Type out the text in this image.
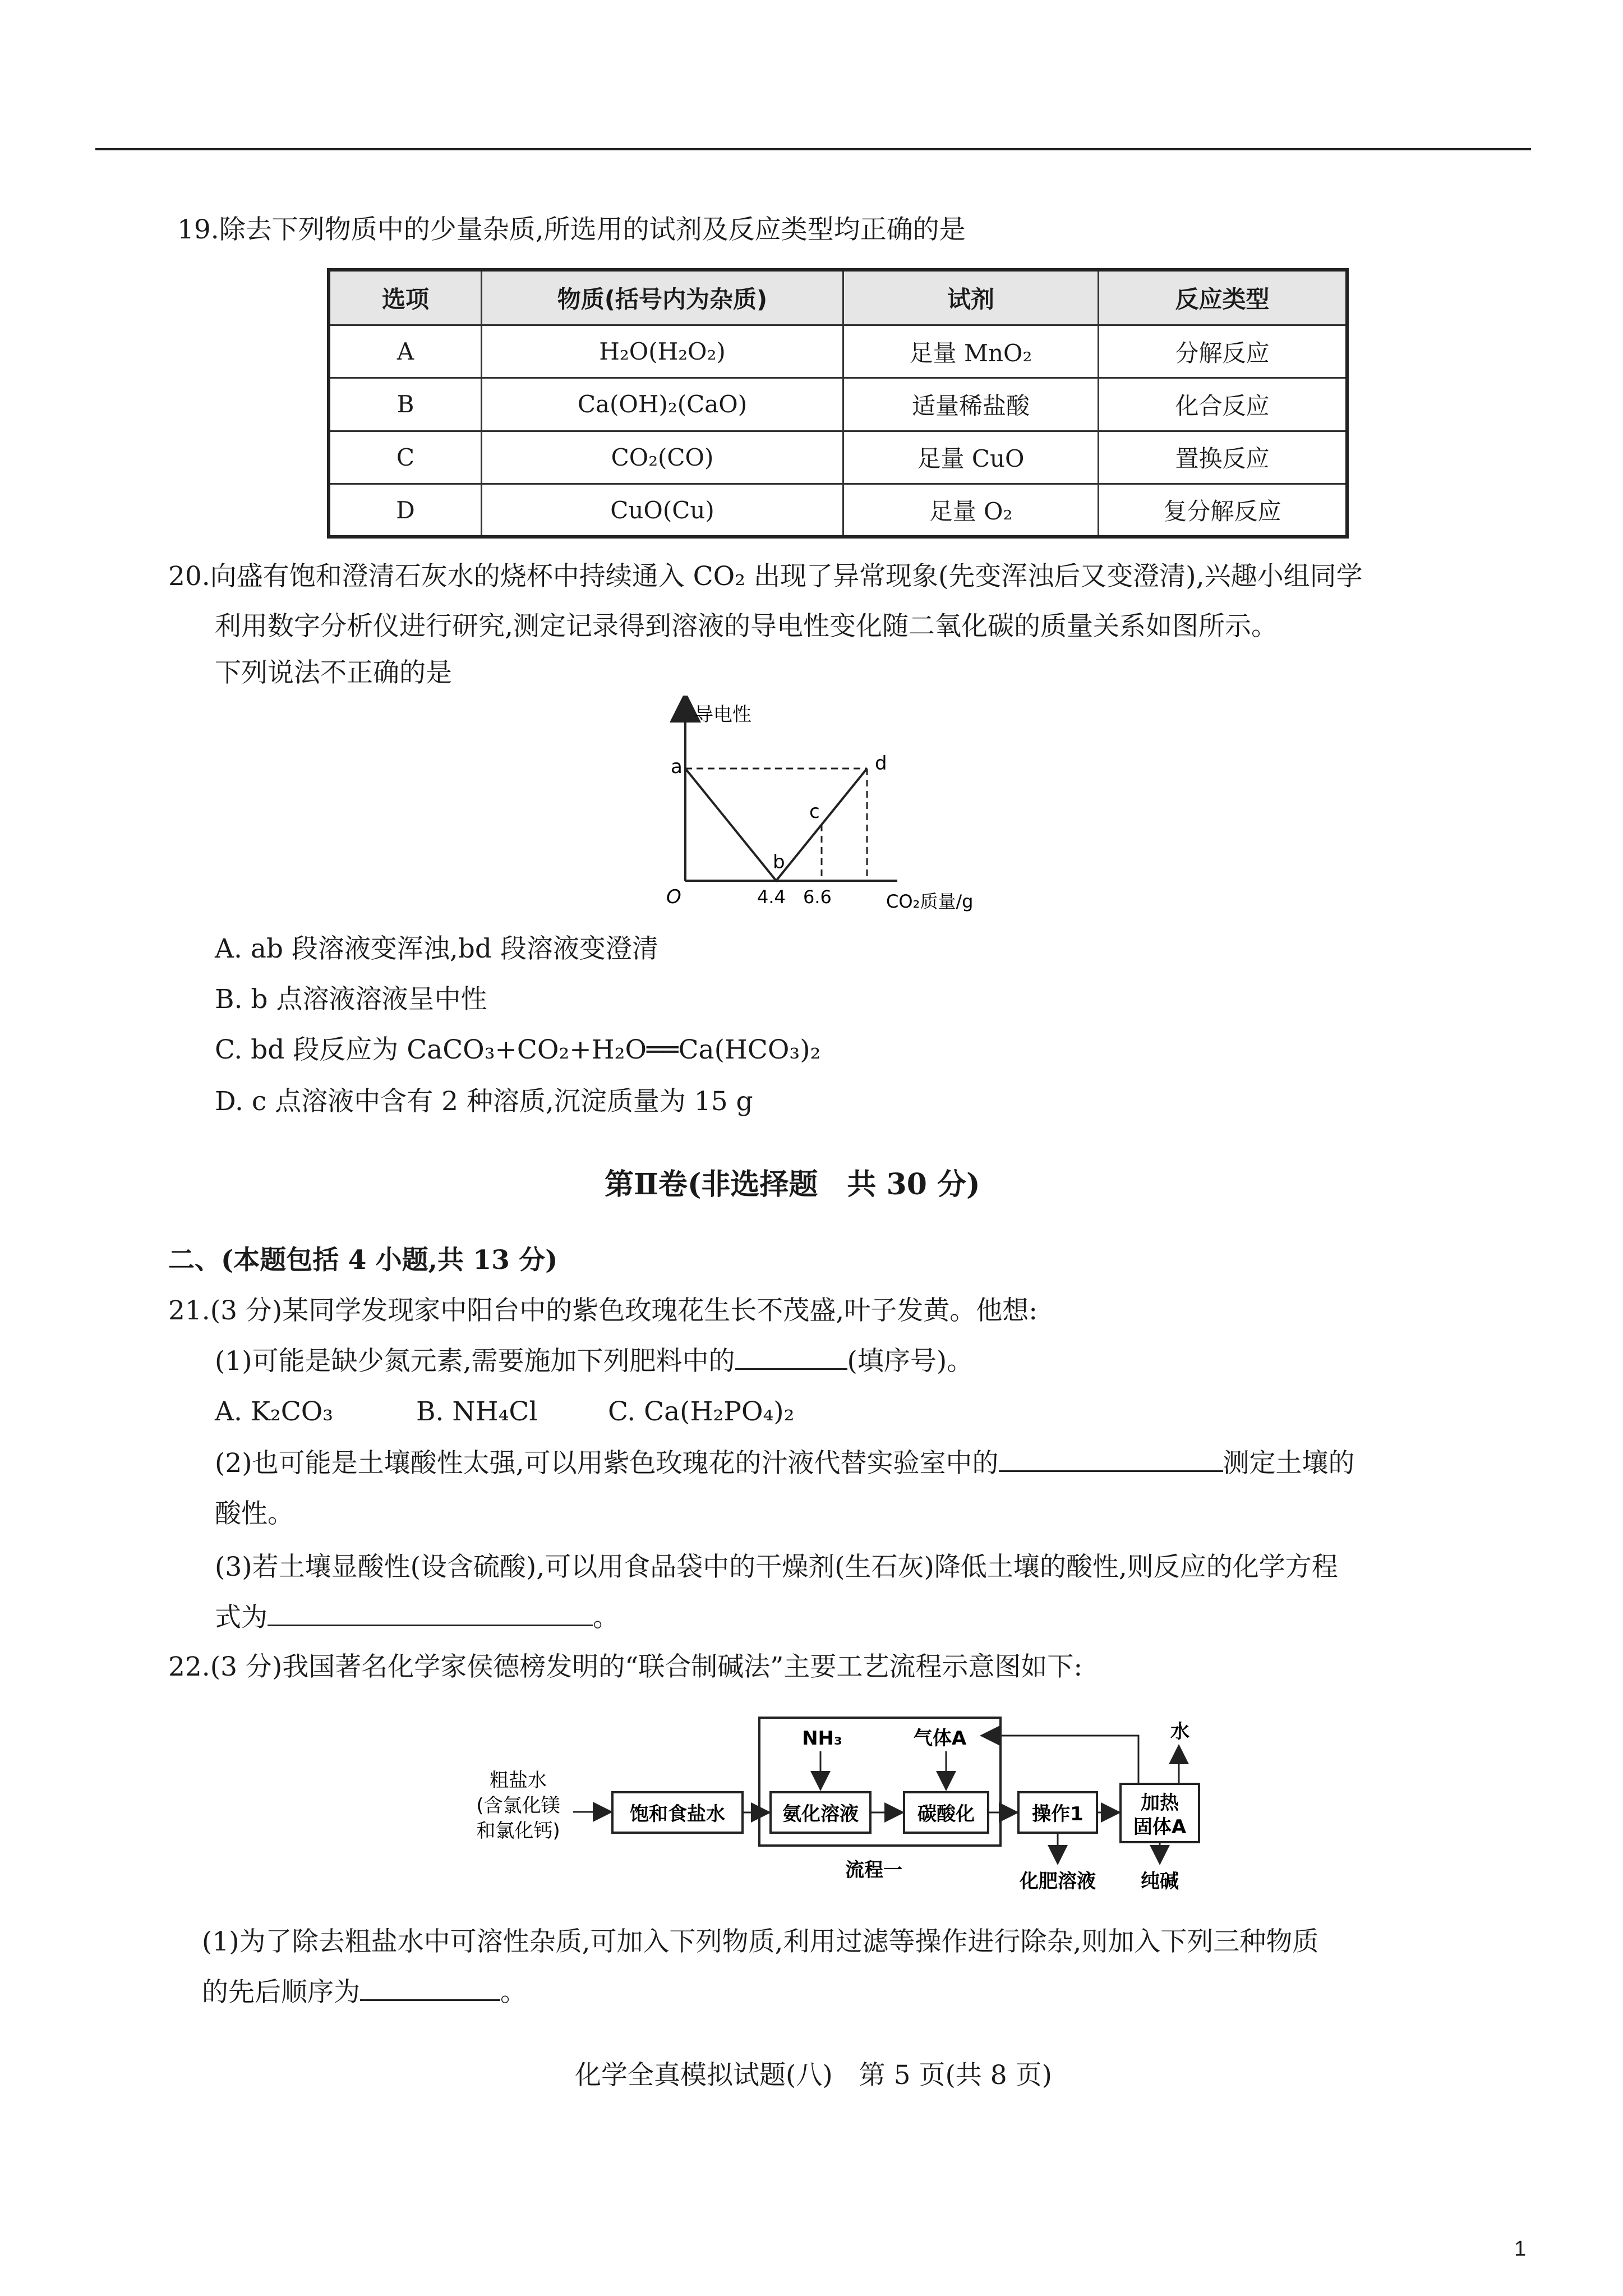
19.除去下列物质中的少量杂质,所选用的试剂及反应类型均正确的是
选项	物质(括号内为杂质)	试剂	反应类型
A	H₂O(H₂O₂)	足量 MnO₂	分解反应
B	Ca(OH)₂(CaO)	适量稀盐酸	化合反应
C	CO₂(CO)	足量 CuO	置换反应
D	CuO(Cu)	足量 O₂	复分解反应
20.向盛有饱和澄清石灰水的烧杯中持续通入 CO₂ 出现了异常现象(先变浑浊后又变澄清),兴趣小组同学
利用数字分析仪进行研究,测定记录得到溶液的导电性变化随二氧化碳的质量关系如图所示。
下列说法不正确的是
导电性
CO₂质量/g
O	4.4 6.6
a
b
c
d
A. ab 段溶液变浑浊,bd 段溶液变澄清
B. b 点溶液溶液呈中性
C. bd 段反应为 CaCO₃+CO₂+H₂O══Ca(HCO₃)₂
D. c 点溶液中含有 2 种溶质,沉淀质量为 15 g
第Ⅱ卷(非选择题　共 30 分)
二、(本题包括 4 小题,共 13 分)
21.(3 分)某同学发现家中阳台中的紫色玫瑰花生长不茂盛,叶子发黄。他想:
(1)可能是缺少氮元素,需要施加下列肥料中的	(填序号)。
A. K₂CO₃	B. NH₄Cl	C. Ca(H₂PO₄)₂
(2)也可能是土壤酸性太强,可以用紫色玫瑰花的汁液代替实验室中的	测定土壤的
酸性。
(3)若土壤显酸性(设含硫酸),可以用食品袋中的干燥剂(生石灰)降低土壤的酸性,则反应的化学方程
式为	。
22.(3 分)我国著名化学家侯德榜发明的“联合制碱法”主要工艺流程示意图如下:
粗盐水
(含氯化镁
和氯化钙)
饱和食盐水	氨化溶液	碳酸化
NH₃	气体A
操作1	加热
固体A
水
化肥溶液 纯碱
流程一
(1)为了除去粗盐水中可溶性杂质,可加入下列物质,利用过滤等操作进行除杂,则加入下列三种物质
的先后顺序为	。
化学全真模拟试题(八)　第 5 页(共 8 页)
1
